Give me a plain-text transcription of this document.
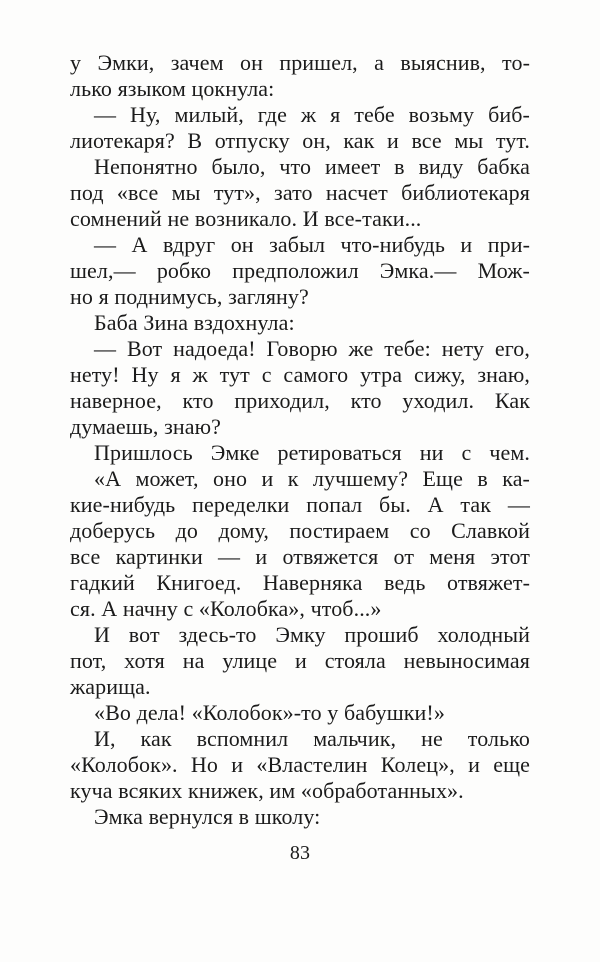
у Эмки, зачем он пришел, а выяснив, то-
лько языком цокнула:
— Ну, милый, где ж я тебе возьму биб-
лиотекаря? В отпуску он, как и все мы тут.
Непонятно было, что имеет в виду бабка
под «все мы тут», зато насчет библиотекаря
сомнений не возникало. И все-таки...
— А вдруг он забыл что-нибудь и при-
шел,— робко предположил Эмка.— Мож-
но я поднимусь, загляну?
Баба Зина вздохнула:
— Вот надоеда! Говорю же тебе: нету его,
нету! Ну я ж тут с самого утра сижу, знаю,
наверное, кто приходил, кто уходил. Как
думаешь, знаю?
Пришлось Эмке ретироваться ни с чем.
«А может, оно и к лучшему? Еще в ка-
кие-нибудь переделки попал бы. А так —
доберусь до дому, постираем со Славкой
все картинки — и отвяжется от меня этот
гадкий Книгоед. Наверняка ведь отвяжет-
ся. А начну с «Колобка», чтоб...»
И вот здесь-то Эмку прошиб холодный
пот, хотя на улице и стояла невыносимая
жарища.
«Во дела! «Колобок»-то у бабушки!»
И, как вспомнил мальчик, не только
«Колобок». Но и «Властелин Колец», и еще
куча всяких книжек, им «обработанных».
Эмка вернулся в школу:
83
